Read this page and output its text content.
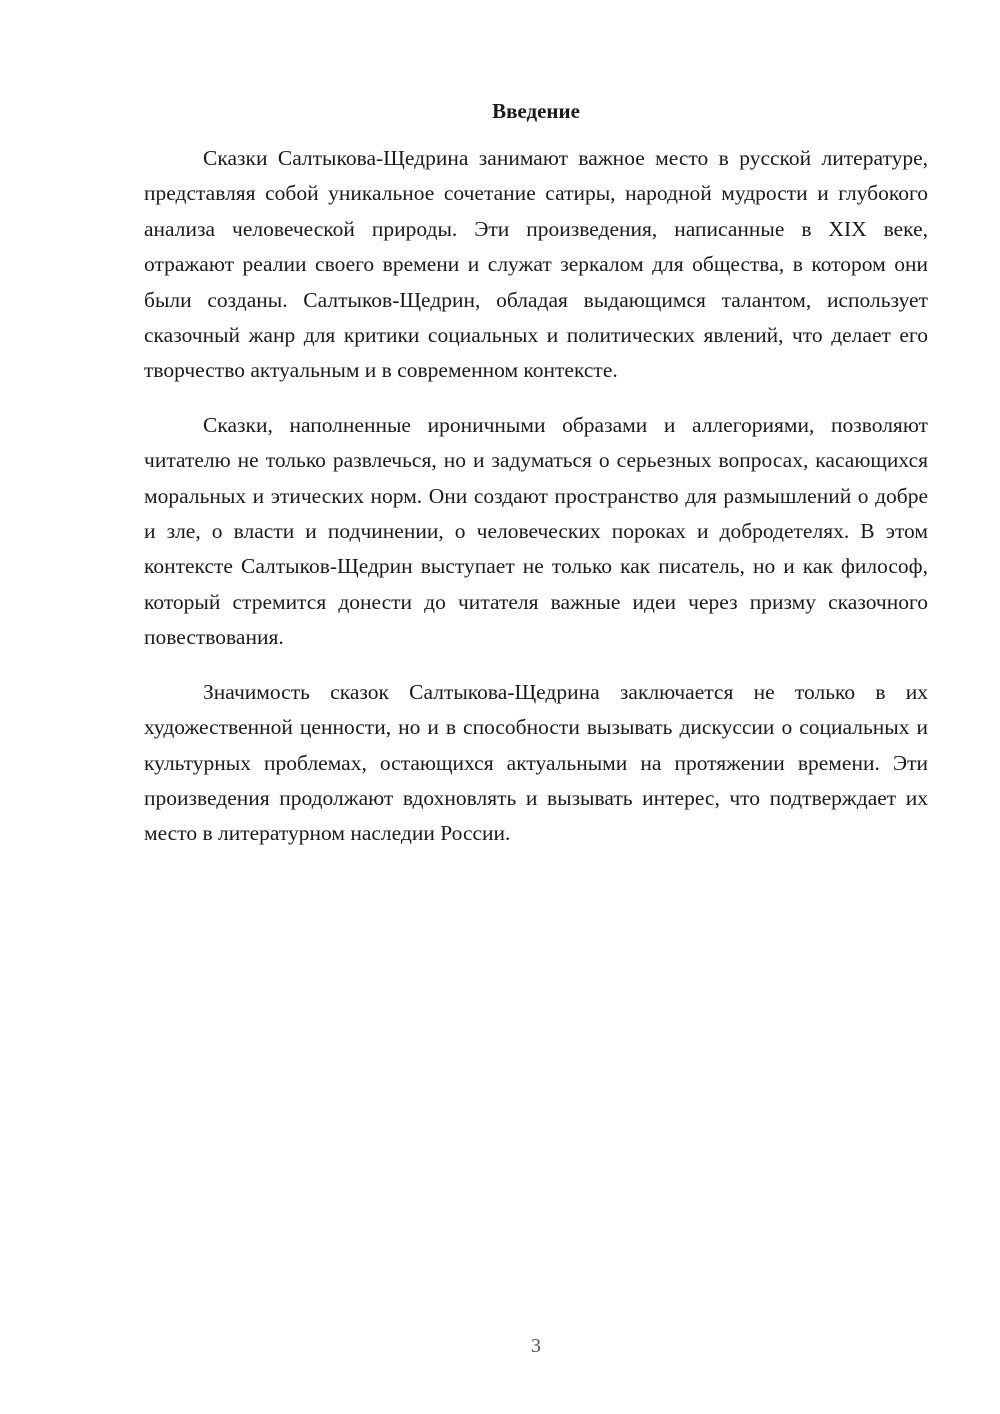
Введение

Сказки Салтыкова-Щедрина занимают важное место в русской литературе, представляя собой уникальное сочетание сатиры, народной мудрости и глубокого анализа человеческой природы. Эти произведения, написанные в XIX веке, отражают реалии своего времени и служат зеркалом для общества, в котором они были созданы. Салтыков-Щедрин, обладая выдающимся талантом, использует сказочный жанр для критики социальных и политических явлений, что делает его творчество актуальным и в современном контексте.

Сказки, наполненные ироничными образами и аллегориями, позволяют читателю не только развлечься, но и задуматься о серьезных вопросах, касающихся моральных и этических норм. Они создают пространство для размышлений о добре и зле, о власти и подчинении, о человеческих пороках и добродетелях. В этом контексте Салтыков-Щедрин выступает не только как писатель, но и как философ, который стремится донести до читателя важные идеи через призму сказочного повествования.

Значимость сказок Салтыкова-Щедрина заключается не только в их художественной ценности, но и в способности вызывать дискуссии о социальных и культурных проблемах, остающихся актуальными на протяжении времени. Эти произведения продолжают вдохновлять и вызывать интерес, что подтверждает их место в литературном наследии России.

3
